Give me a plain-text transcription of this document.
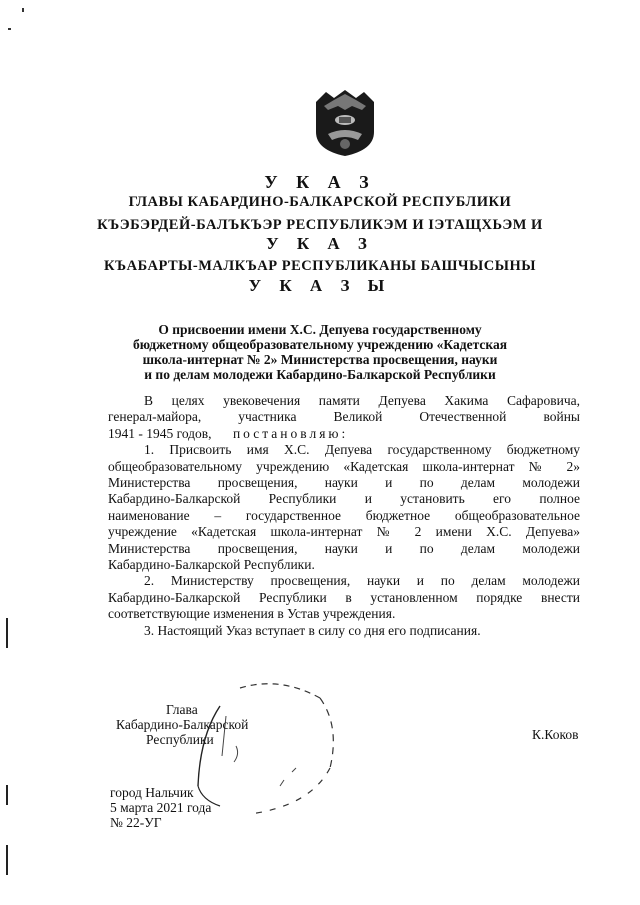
У К А З
ГЛАВЫ КАБАРДИНО-БАЛКАРСКОЙ РЕСПУБЛИКИ
КЪЭБЭРДЕЙ-БАЛЪКЪЭР РЕСПУБЛИКЭМ И ІЭТАЩХЬЭМ И
У К А З
КЪАБАРТЫ-МАЛКЪАР РЕСПУБЛИКАНЫ БАШЧЫСЫНЫ
У К А З Ы
О присвоении имени Х.С. Депуева государственному
бюджетному общеобразовательному учреждению «Кадетская
школа-интернат № 2» Министерства просвещения, науки
и по делам молодежи Кабардино-Балкарской Республики
В целях увековечения памяти Депуева Хакима Сафаровича,
генерал-майора, участника Великой Отечественной войны
1941 - 1945 годов, постановляю:
1. Присвоить имя Х.С. Депуева государственному бюджетному
общеобразовательному учреждению «Кадетская школа-интернат № 2»
Министерства просвещения, науки и по делам молодежи
Кабардино-Балкарской Республики и установить его полное
наименование – государственное бюджетное общеобразовательное
учреждение «Кадетская школа-интернат № 2 имени Х.С. Депуева»
Министерства просвещения, науки и по делам молодежи
Кабардино-Балкарской Республики.
2. Министерству просвещения, науки и по делам молодежи
Кабардино-Балкарской Республики в установленном порядке внести
соответствующие изменения в Устав учреждения.
3. Настоящий Указ вступает в силу со дня его подписания.
Глава
Кабардино-Балкарской
Республики	К.Коков
город Нальчик
5 марта 2021 года
№ 22-УГ
